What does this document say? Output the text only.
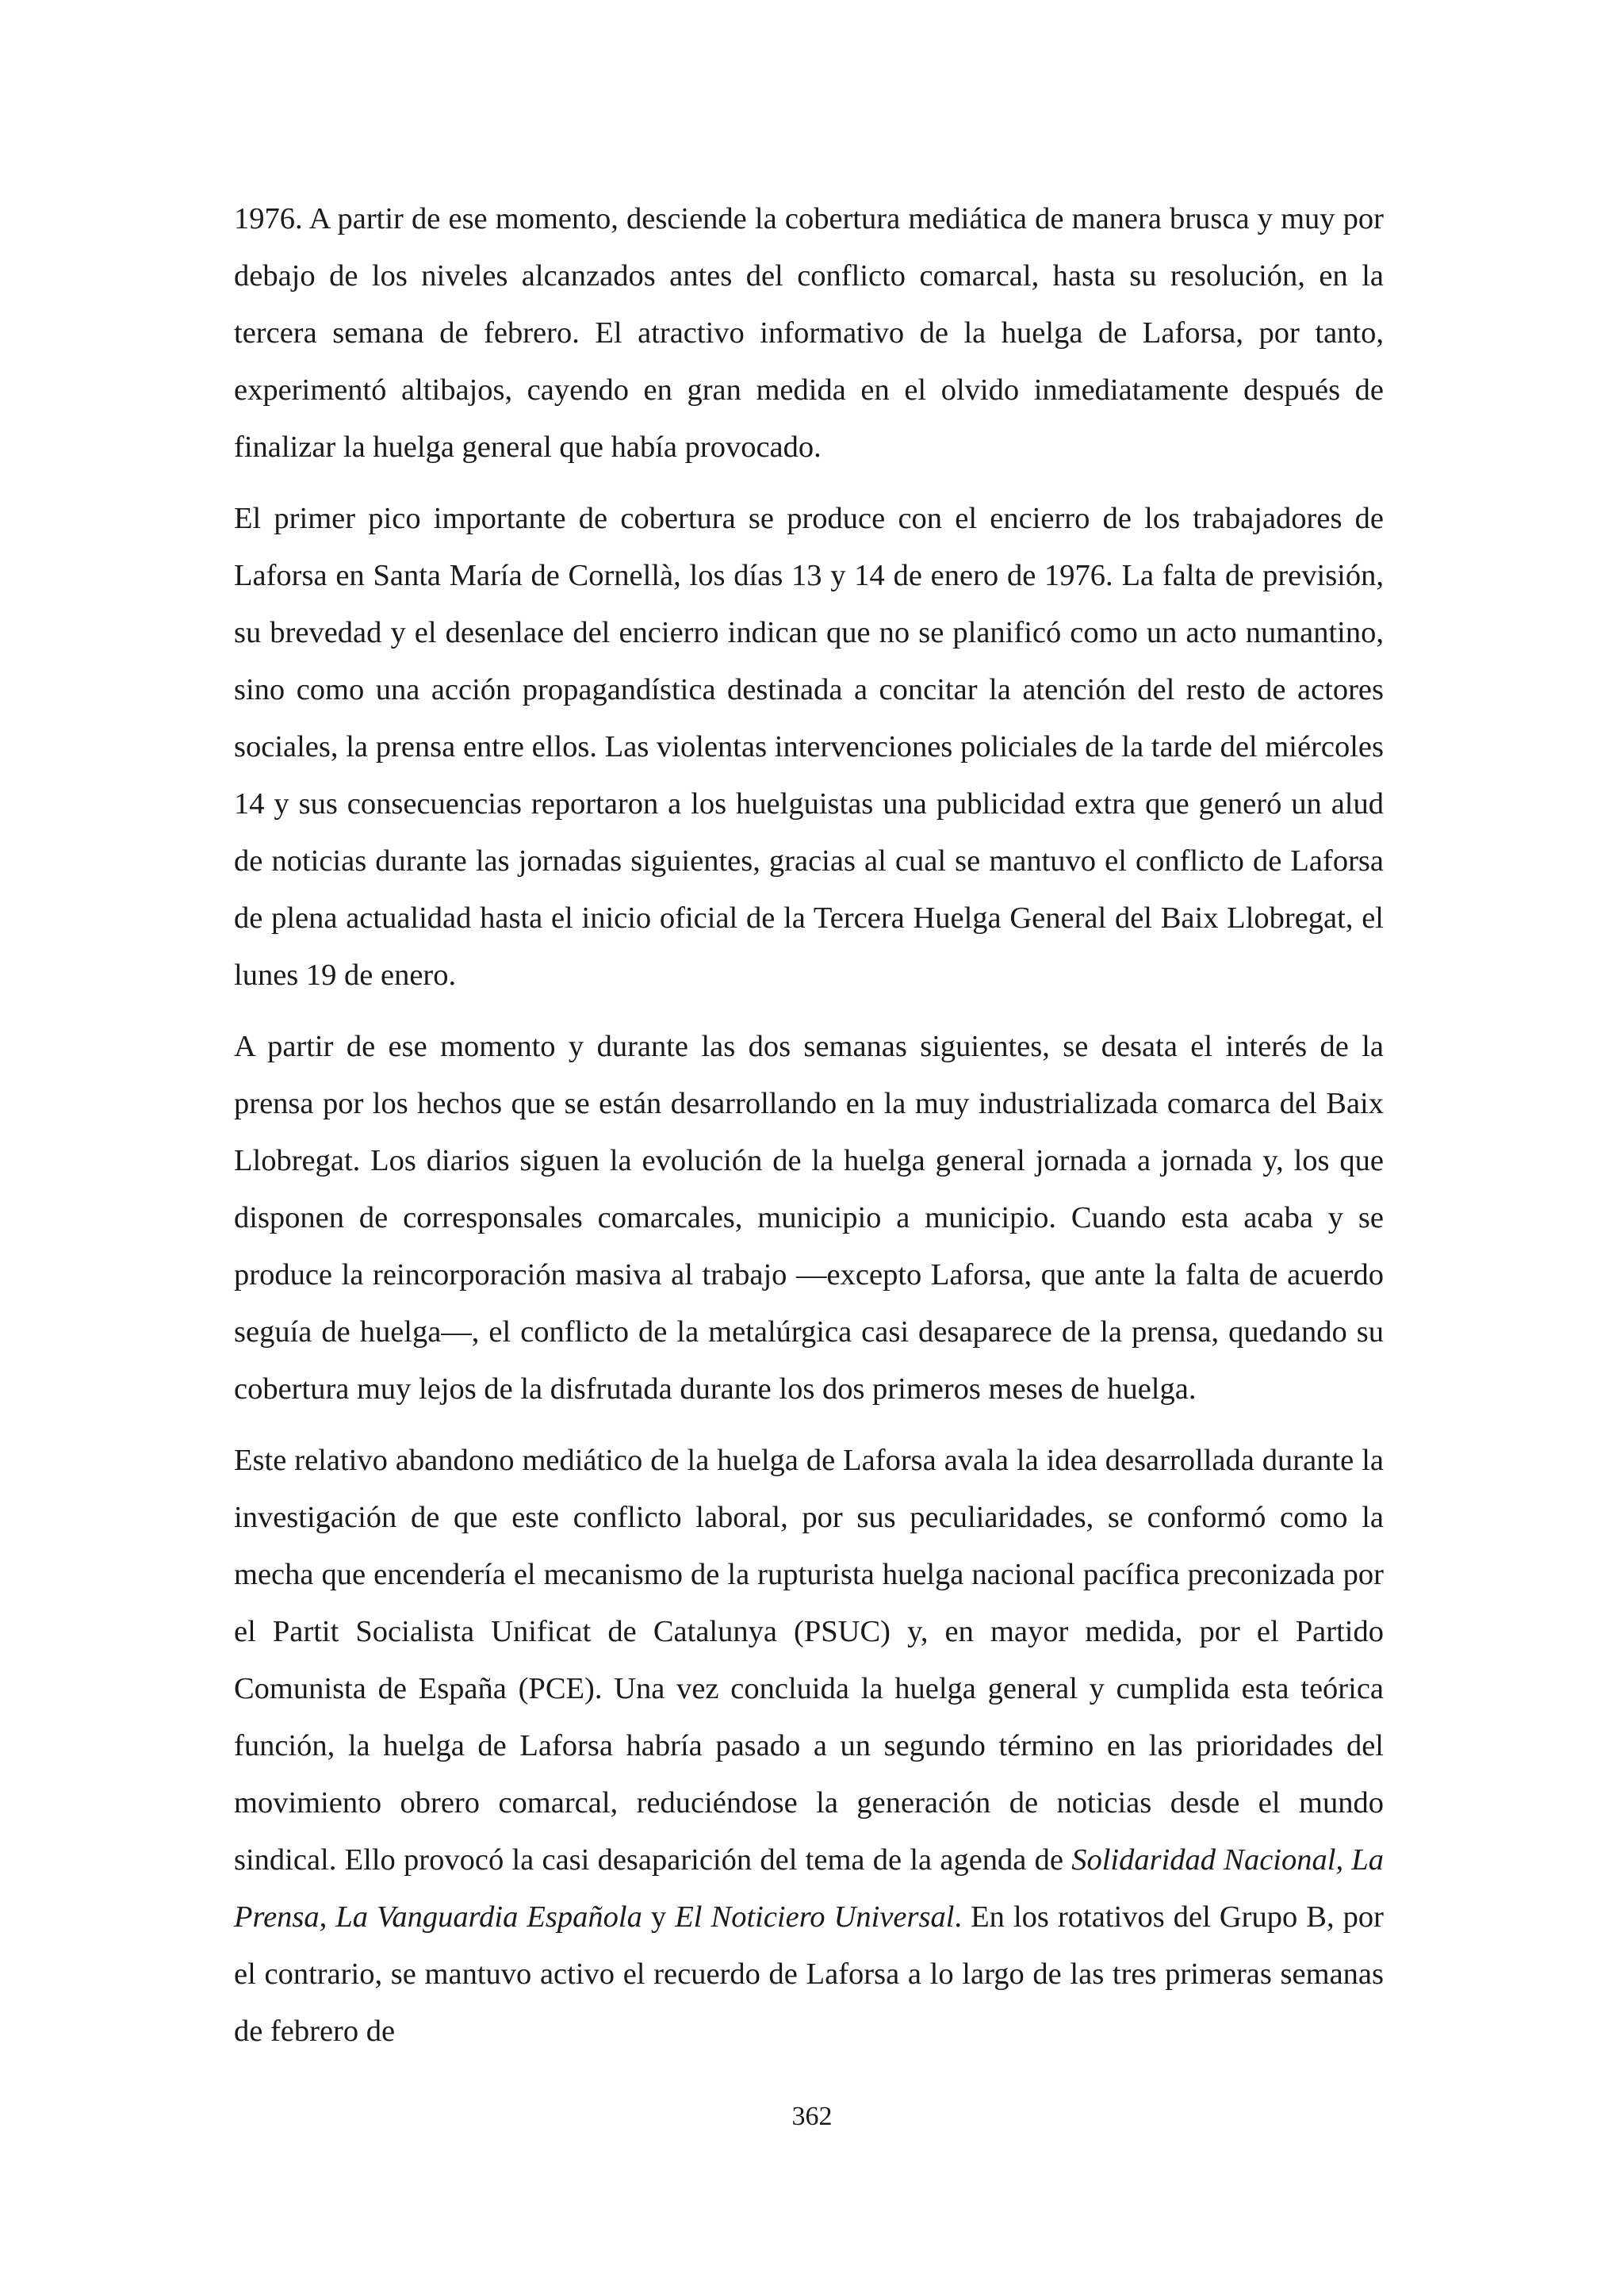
1976. A partir de ese momento, desciende la cobertura mediática de manera brusca y muy por debajo de los niveles alcanzados antes del conflicto comarcal, hasta su resolución, en la tercera semana de febrero. El atractivo informativo de la huelga de Laforsa, por tanto, experimentó altibajos, cayendo en gran medida en el olvido inmediatamente después de finalizar la huelga general que había provocado.

El primer pico importante de cobertura se produce con el encierro de los trabajadores de Laforsa en Santa María de Cornellà, los días 13 y 14 de enero de 1976. La falta de previsión, su brevedad y el desenlace del encierro indican que no se planificó como un acto numantino, sino como una acción propagandística destinada a concitar la atención del resto de actores sociales, la prensa entre ellos. Las violentas intervenciones policiales de la tarde del miércoles 14 y sus consecuencias reportaron a los huelguistas una publicidad extra que generó un alud de noticias durante las jornadas siguientes, gracias al cual se mantuvo el conflicto de Laforsa de plena actualidad hasta el inicio oficial de la Tercera Huelga General del Baix Llobregat, el lunes 19 de enero.

A partir de ese momento y durante las dos semanas siguientes, se desata el interés de la prensa por los hechos que se están desarrollando en la muy industrializada comarca del Baix Llobregat. Los diarios siguen la evolución de la huelga general jornada a jornada y, los que disponen de corresponsales comarcales, municipio a municipio. Cuando esta acaba y se produce la reincorporación masiva al trabajo —excepto Laforsa, que ante la falta de acuerdo seguía de huelga—, el conflicto de la metalúrgica casi desaparece de la prensa, quedando su cobertura muy lejos de la disfrutada durante los dos primeros meses de huelga.

Este relativo abandono mediático de la huelga de Laforsa avala la idea desarrollada durante la investigación de que este conflicto laboral, por sus peculiaridades, se conformó como la mecha que encendería el mecanismo de la rupturista huelga nacional pacífica preconizada por el Partit Socialista Unificat de Catalunya (PSUC) y, en mayor medida, por el Partido Comunista de España (PCE). Una vez concluida la huelga general y cumplida esta teórica función, la huelga de Laforsa habría pasado a un segundo término en las prioridades del movimiento obrero comarcal, reduciéndose la generación de noticias desde el mundo sindical. Ello provocó la casi desaparición del tema de la agenda de Solidaridad Nacional, La Prensa, La Vanguardia Española y El Noticiero Universal. En los rotativos del Grupo B, por el contrario, se mantuvo activo el recuerdo de Laforsa a lo largo de las tres primeras semanas de febrero de

362
